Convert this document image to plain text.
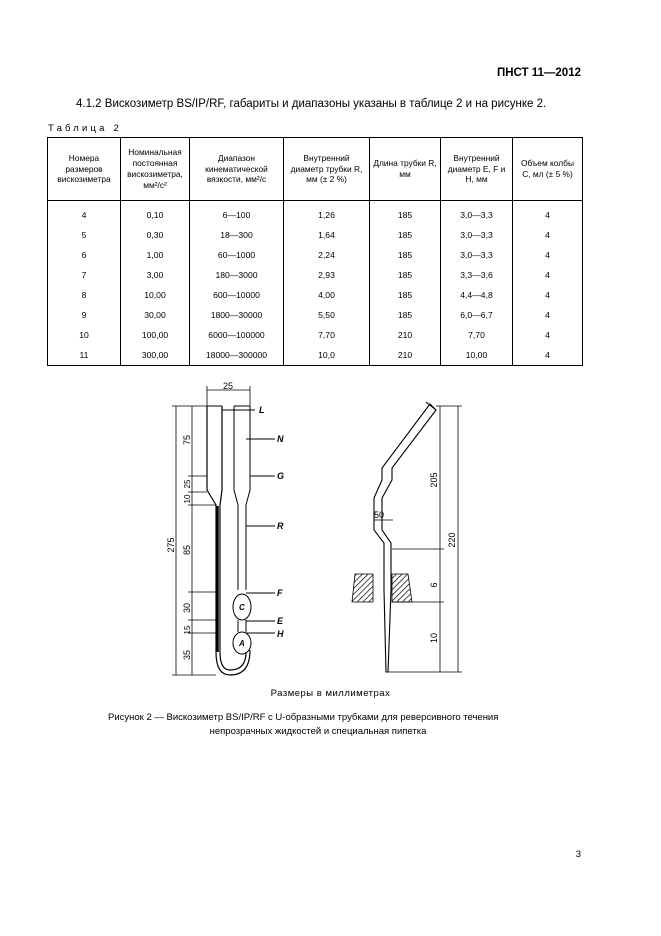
ПНСТ 11—2012
4.1.2 Вискозиметр BS/IP/RF, габариты и диапазоны указаны в таблице 2 и на рисунке 2.
Таблица 2
Номера размеров вискозиметра	Номинальная постоянная вискозиметра, мм²/с²	Диапазон кинематической вязкости, мм²/с	Внутренний диаметр трубки R, мм (± 2 %)	Длина трубки R, мм	Внутренний диаметр E, F и H, мм	Объем колбы C, мл (± 5 %)
4	0,10	6—100	1,26	185	3,0—3,3	4
5	0,30	18—300	1,64	185	3,0—3,3	4
6	1,00	60—1000	2,24	185	3,0—3,3	4
7	3,00	180—3000	2,93	185	3,3—3,6	4
8	10,00	600—10000	4,00	185	4,4—4,8	4
9	30,00	1800—30000	5,50	185	6,0—6,7	4
10	100,00	6000—100000	7,70	210	7,70	4
11	300,00	18000—300000	10,0	210	10,00	4
25
275
75
25
10
85
30
15
35
L
N
G
R
F
E
H
C
A
50
205
220
6
10
Размеры в миллиметрах
Рисунок 2 — Вискозиметр BS/IP/RF с U-образными трубками для реверсивного течения
непрозрачных жидкостей и специальная пипетка
3
